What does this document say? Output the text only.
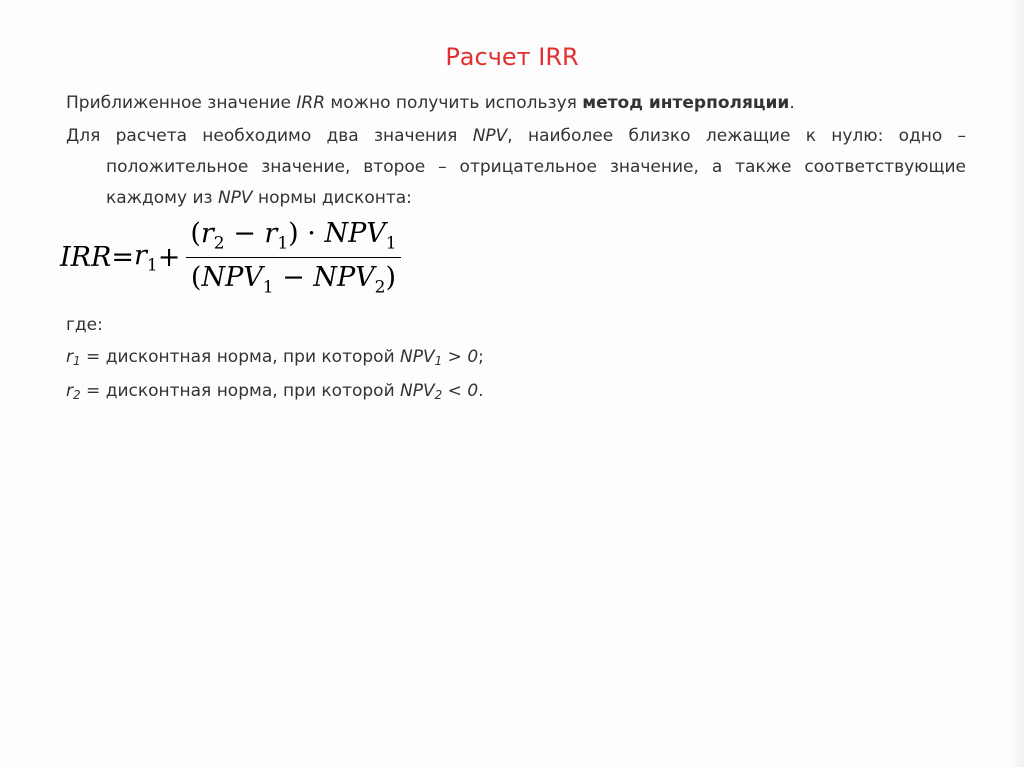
Расчет IRR
Приближенное значение IRR можно получить используя метод интерполяции.
Для расчета необходимо два значения NPV, наиболее близко лежащие к нулю: одно – положительное значение, второе – отрицательное значение, а также соответствующие каждому из NPV нормы дисконта:
IRR = $r_1 + \frac{(r_2 - r_1) \cdot NPV_1}{(NPV_1 - NPV_2)}$
где:
$r_1$ = дисконтная норма, при которой $NPV_1 > 0$;
$r_2$ = дисконтная норма, при которой $NPV_2 < 0$.
